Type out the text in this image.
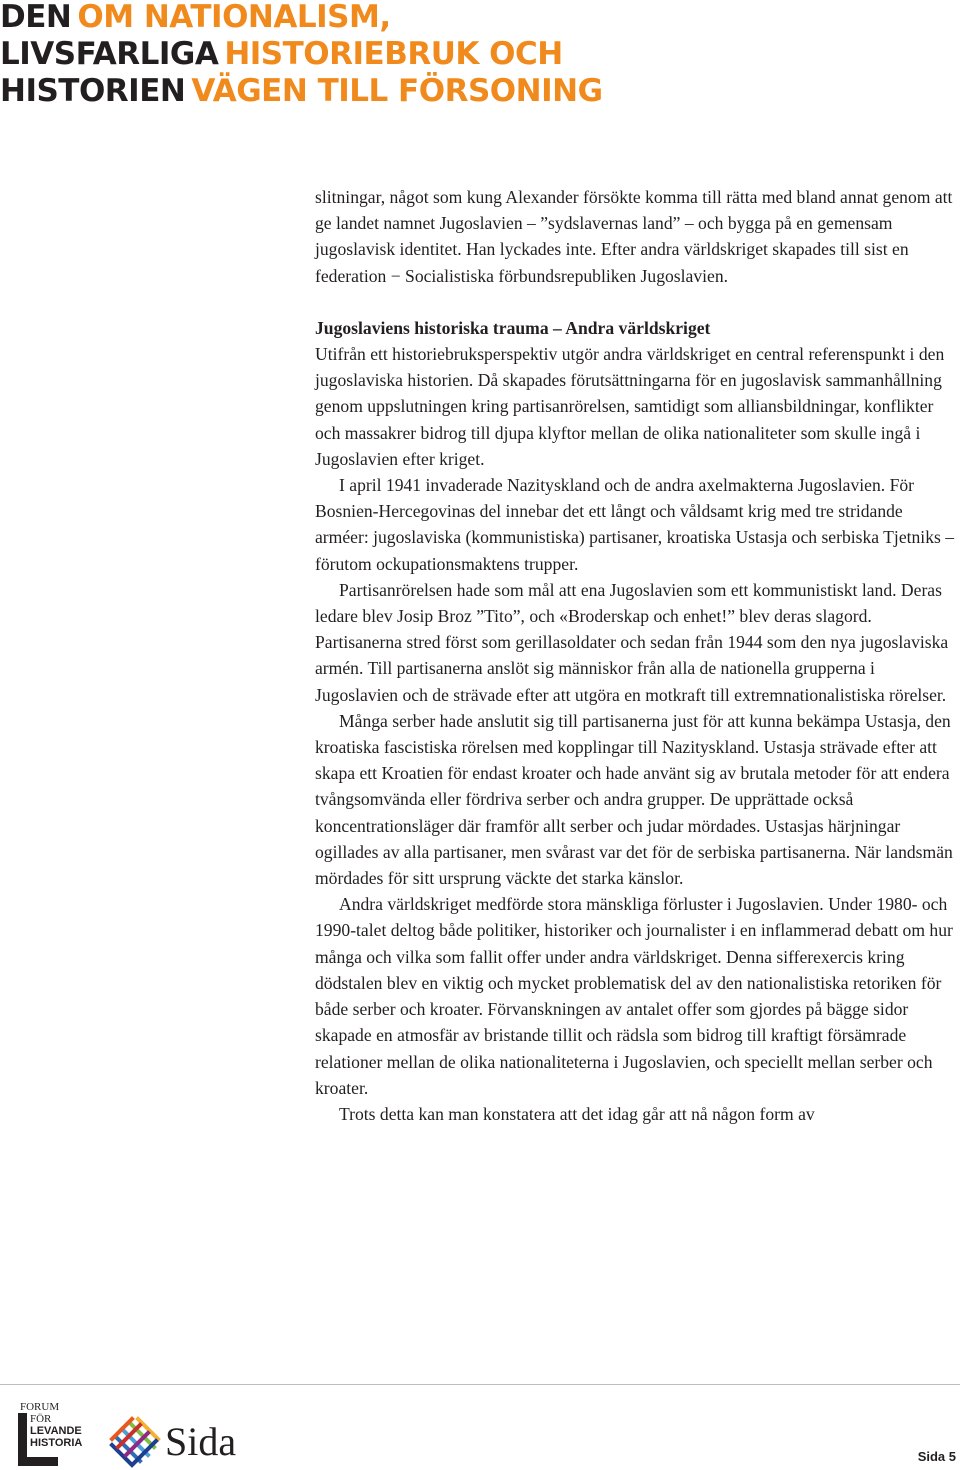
DEN OM NATIONALISM,
LIVSFARLIGA HISTORIEBRUK OCH
HISTORIEN VÄGEN TILL FÖRSONING

slitningar, något som kung Alexander försökte komma till rätta med bland annat genom att ge landet namnet Jugoslavien – ”sydslavernas land” – och bygga på en gemensam jugoslavisk identitet. Han lyckades inte. Efter andra världskriget skapades till sist en federation − Socialistiska förbundsrepubliken Jugoslavien.

Jugoslaviens historiska trauma – Andra världskriget

Utifrån ett historiebruksperspektiv utgör andra världskriget en central referenspunkt i den jugoslaviska historien. Då skapades förutsättningarna för en jugoslavisk sammanhållning genom uppslutningen kring partisanrörelsen, samtidigt som alliansbildningar, konflikter och massakrer bidrog till djupa klyftor mellan de olika nationaliteter som skulle ingå i Jugoslavien efter kriget.

I april 1941 invaderade Nazityskland och de andra axelmakterna Jugoslavien. För Bosnien-Hercegovinas del innebar det ett långt och våldsamt krig med tre stridande arméer: jugoslaviska (kommunistiska) partisaner, kroatiska Ustasja och serbiska Tjetniks – förutom ockupationsmaktens trupper.

Partisanrörelsen hade som mål att ena Jugoslavien som ett kommunistiskt land. Deras ledare blev Josip Broz ”Tito”, och «Broderskap och enhet!” blev deras slagord. Partisanerna stred först som gerillasoldater och sedan från 1944 som den nya jugoslaviska armén. Till partisanerna anslöt sig människor från alla de nationella grupperna i Jugoslavien och de strävade efter att utgöra en motkraft till extremnationalistiska rörelser.

Många serber hade anslutit sig till partisanerna just för att kunna bekämpa Ustasja, den kroatiska fascistiska rörelsen med kopplingar till Nazityskland. Ustasja strävade efter att skapa ett Kroatien för endast kroater och hade använt sig av brutala metoder för att endera tvångsomvända eller fördriva serber och andra grupper. De upprättade också koncentrationsläger där framför allt serber och judar mördades. Ustasjas härjningar ogillades av alla partisaner, men svårast var det för de serbiska partisanerna. När landsmän mördades för sitt ursprung väckte det starka känslor.

Andra världskriget medförde stora mänskliga förluster i Jugoslavien. Under 1980- och 1990-talet deltog både politiker, historiker och journalister i en inflammerad debatt om hur många och vilka som fallit offer under andra världskriget. Denna sifferexercis kring dödstalen blev en viktig och mycket problematisk del av den nationalistiska retoriken för både serber och kroater. Förvanskningen av antalet offer som gjordes på bägge sidor skapade en atmosfär av bristande tillit och rädsla som bidrog till kraftigt försämrade relationer mellan de olika nationaliteterna i Jugoslavien, och speciellt mellan serber och kroater.

Trots detta kan man konstatera att det idag går att nå någon form av

FORUM
FÖR
LEVANDE
HISTORIA Sida	Sida 5
